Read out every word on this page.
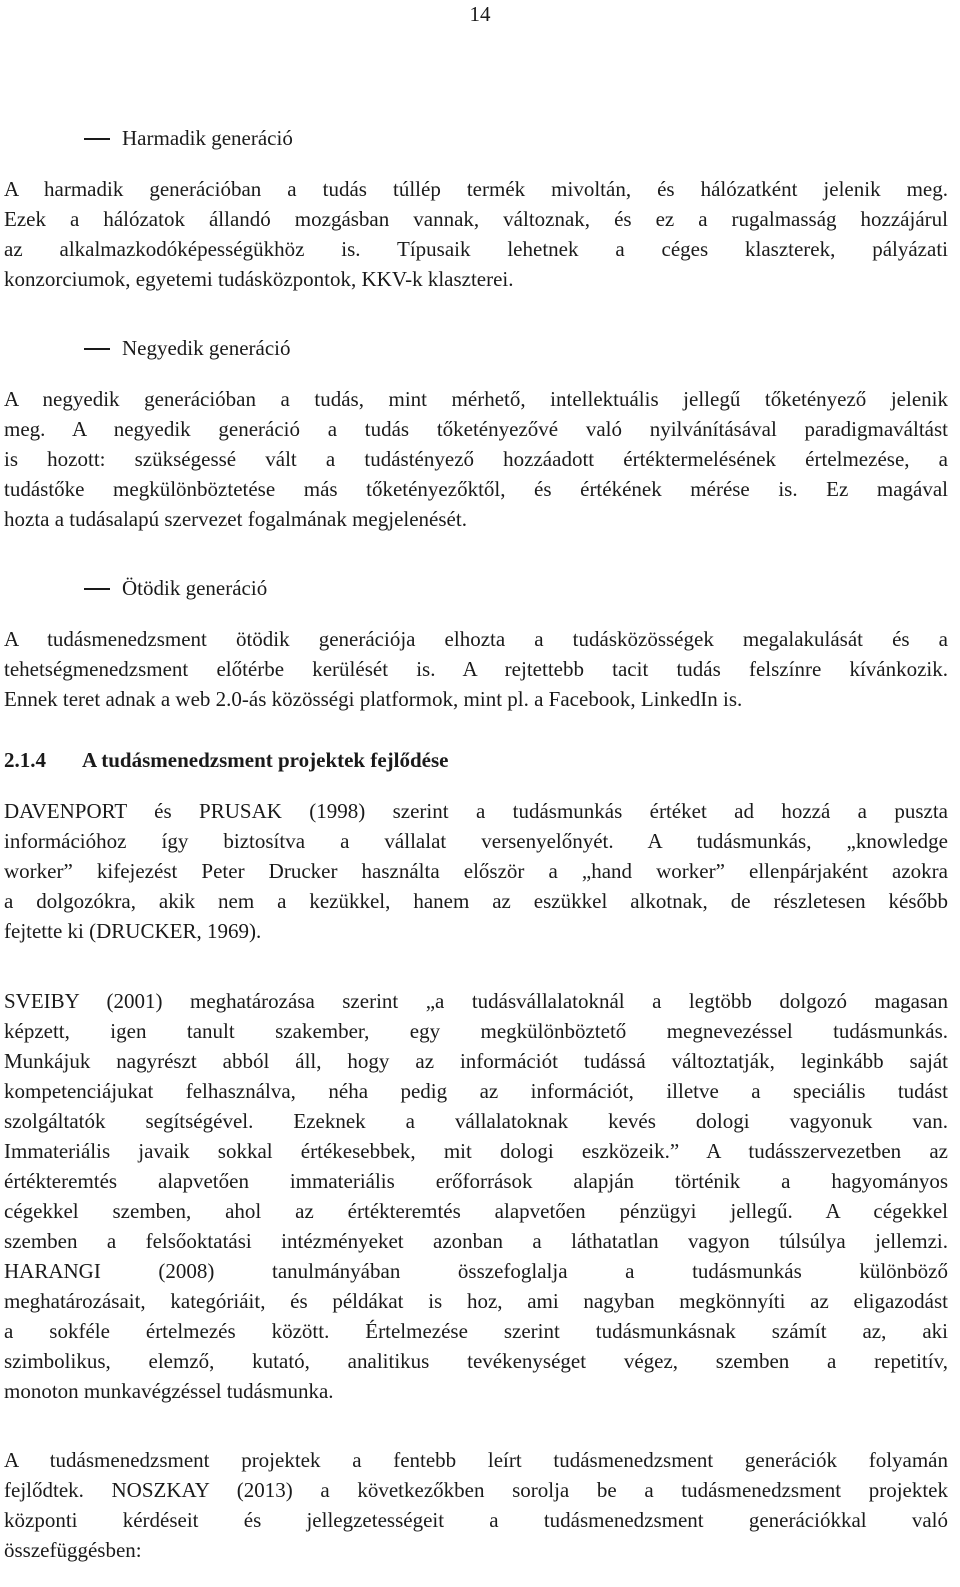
14
Harmadik generáció
A harmadik generációban a tudás túllép termék mivoltán, és hálózatként jelenik meg.
Ezek a hálózatok állandó mozgásban vannak, változnak, és ez a rugalmasság hozzájárul
az alkalmazkodóképességükhöz is. Típusaik lehetnek a céges klaszterek, pályázati
konzorciumok, egyetemi tudásközpontok, KKV-k klaszterei.
Negyedik generáció
A negyedik generációban a tudás, mint mérhető, intellektuális jellegű tőketényező jelenik
meg. A negyedik generáció a tudás tőketényezővé való nyilvánításával paradigmaváltást
is hozott: szükségessé vált a tudástényező hozzáadott értéktermelésének értelmezése, a
tudástőke megkülönböztetése más tőketényezőktől, és értékének mérése is. Ez magával
hozta a tudásalapú szervezet fogalmának megjelenését.
Ötödik generáció
A tudásmenedzsment ötödik generációja elhozta a tudásközösségek megalakulását és a
tehetségmenedzsment előtérbe kerülését is. A rejtettebb tacit tudás felszínre kívánkozik.
Ennek teret adnak a web 2.0-ás közösségi platformok, mint pl. a Facebook, LinkedIn is.
2.1.4 A tudásmenedzsment projektek fejlődése
DAVENPORT és PRUSAK (1998) szerint a tudásmunkás értéket ad hozzá a puszta
információhoz így biztosítva a vállalat versenyelőnyét. A tudásmunkás, „knowledge
worker” kifejezést Peter Drucker használta először a „hand worker” ellenpárjaként azokra
a dolgozókra, akik nem a kezükkel, hanem az eszükkel alkotnak, de részletesen később
fejtette ki (DRUCKER, 1969).
SVEIBY (2001) meghatározása szerint „a tudásvállalatoknál a legtöbb dolgozó magasan
képzett, igen tanult szakember, egy megkülönböztető megnevezéssel tudásmunkás.
Munkájuk nagyrészt abból áll, hogy az információt tudássá változtatják, leginkább saját
kompetenciájukat felhasználva, néha pedig az információt, illetve a speciális tudást
szolgáltatók segítségével. Ezeknek a vállalatoknak kevés dologi vagyonuk van.
Immateriális javaik sokkal értékesebbek, mit dologi eszközeik.” A tudásszervezetben az
értékteremtés alapvetően immateriális erőforrások alapján történik a hagyományos
cégekkel szemben, ahol az értékteremtés alapvetően pénzügyi jellegű. A cégekkel
szemben a felsőoktatási intézményeket azonban a láthatatlan vagyon túlsúlya jellemzi.
HARANGI (2008) tanulmányában összefoglalja a tudásmunkás különböző
meghatározásait, kategóriáit, és példákat is hoz, ami nagyban megkönnyíti az eligazodást
a sokféle értelmezés között. Értelmezése szerint tudásmunkásnak számít az, aki
szimbolikus, elemző, kutató, analitikus tevékenységet végez, szemben a repetitív,
monoton munkavégzéssel tudásmunka.
A tudásmenedzsment projektek a fentebb leírt tudásmenedzsment generációk folyamán
fejlődtek. NOSZKAY (2013) a következőkben sorolja be a tudásmenedzsment projektek
központi kérdéseit és jellegzetességeit a tudásmenedzsment generációkkal való
összefüggésben:
